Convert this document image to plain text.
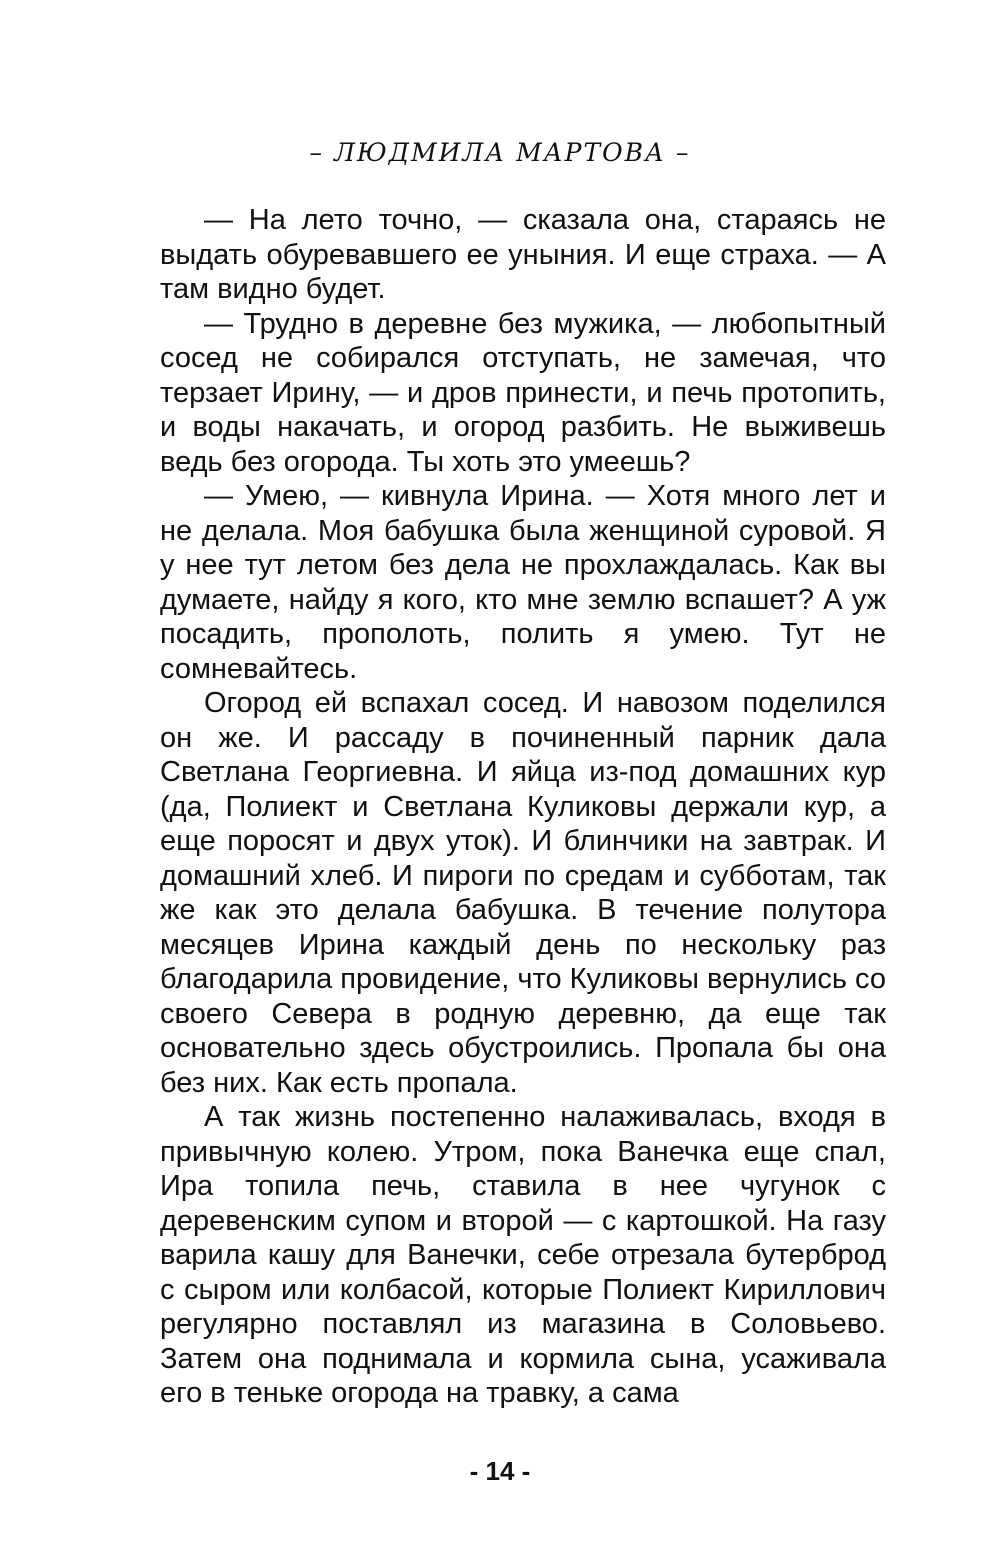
– ЛЮДМИЛА МАРТОВА –

— На лето точно, — сказала она, стараясь не выдать обуревавшего ее уныния. И еще страха. — А там видно будет.

— Трудно в деревне без мужика, — любопытный сосед не собирался отступать, не замечая, что терзает Ирину, — и дров принести, и печь протопить, и воды накачать, и огород разбить. Не выживешь ведь без огорода. Ты хоть это умеешь?

— Умею, — кивнула Ирина. — Хотя много лет и не делала. Моя бабушка была женщиной суровой. Я у нее тут летом без дела не прохлаждалась. Как вы думаете, найду я кого, кто мне землю вспашет? А уж посадить, прополоть, полить я умею. Тут не сомневайтесь.

Огород ей вспахал сосед. И навозом поделился он же. И рассаду в починенный парник дала Светлана Георгиевна. И яйца из-под домашних кур (да, Полиект и Светлана Куликовы держали кур, а еще поросят и двух уток). И блинчики на завтрак. И домашний хлеб. И пироги по средам и субботам, так же как это делала бабушка. В течение полутора месяцев Ирина каждый день по нескольку раз благодарила провидение, что Куликовы вернулись со своего Севера в родную деревню, да еще так основательно здесь обустроились. Пропала бы она без них. Как есть пропала.

А так жизнь постепенно налаживалась, входя в привычную колею. Утром, пока Ванечка еще спал, Ира топила печь, ставила в нее чугунок с деревенским супом и второй — с картошкой. На газу варила кашу для Ванечки, себе отрезала бутерброд с сыром или колбасой, которые Полиект Кириллович регулярно поставлял из магазина в Соловьево. Затем она поднимала и кормила сына, усаживала его в теньке огорода на травку, а сама

- 14 -
